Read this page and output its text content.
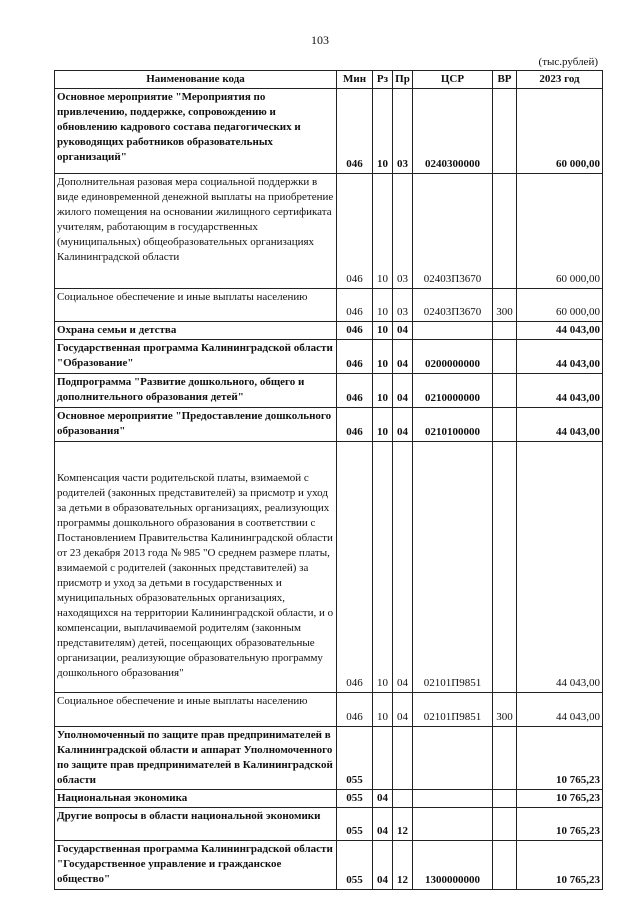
103
(тыс.рублей)
Наименование кода	Мин	Рз	Пр	ЦСР	ВР	2023 год

Основное мероприятие "Мероприятия по привлечению, поддержке, сопровождению и обновлению кадрового состава педагогических и руководящих работников образовательных организаций"	046	10	03	0240300000		60 000,00

Дополнительная разовая мера социальной поддержки в виде единовременной денежной выплаты на приобретение жилого помещения на основании жилищного сертификата учителям, работающим в государственных (муниципальных) общеобразовательных организациях Калининградской области	046	10	03	02403П3670		60 000,00

Социальное обеспечение и иные выплаты населению	046	10	03	02403П3670	300	60 000,00

Охрана семьи и детства	046	10	04			44 043,00

Государственная программа Калининградской области "Образование"	046	10	04	0200000000		44 043,00

Подпрограмма "Развитие дошкольного, общего и дополнительного образования детей"	046	10	04	0210000000		44 043,00

Основное мероприятие "Предоставление дошкольного образования"	046	10	04	0210100000		44 043,00

Компенсация части родительской платы, взимаемой с родителей (законных представителей) за присмотр и уход за детьми в образовательных организациях, реализующих программы дошкольного образования в соответствии с Постановлением Правительства Калининградской области от 23 декабря 2013 года № 985 "О среднем размере платы, взимаемой с родителей (законных представителей) за присмотр и уход за детьми в государственных и муниципальных образовательных организациях, находящихся на территории Калининградской области, и о компенсации, выплачиваемой родителям (законным представителям) детей, посещающих образовательные организации, реализующие образовательную программу дошкольного образования"	046	10	04	02101П9851		44 043,00

Социальное обеспечение и иные выплаты населению	046	10	04	02101П9851	300	44 043,00

Уполномоченный по защите прав предпринимателей в Калининградской области и аппарат Уполномоченного по защите прав предпринимателей в Калининградской области	055					10 765,23

Национальная экономика	055	04				10 765,23

Другие вопросы в области национальной экономики	055	04	12			10 765,23

Государственная программа Калининградской области "Государственное управление и гражданское общество"	055	04	12	1300000000		10 765,23
